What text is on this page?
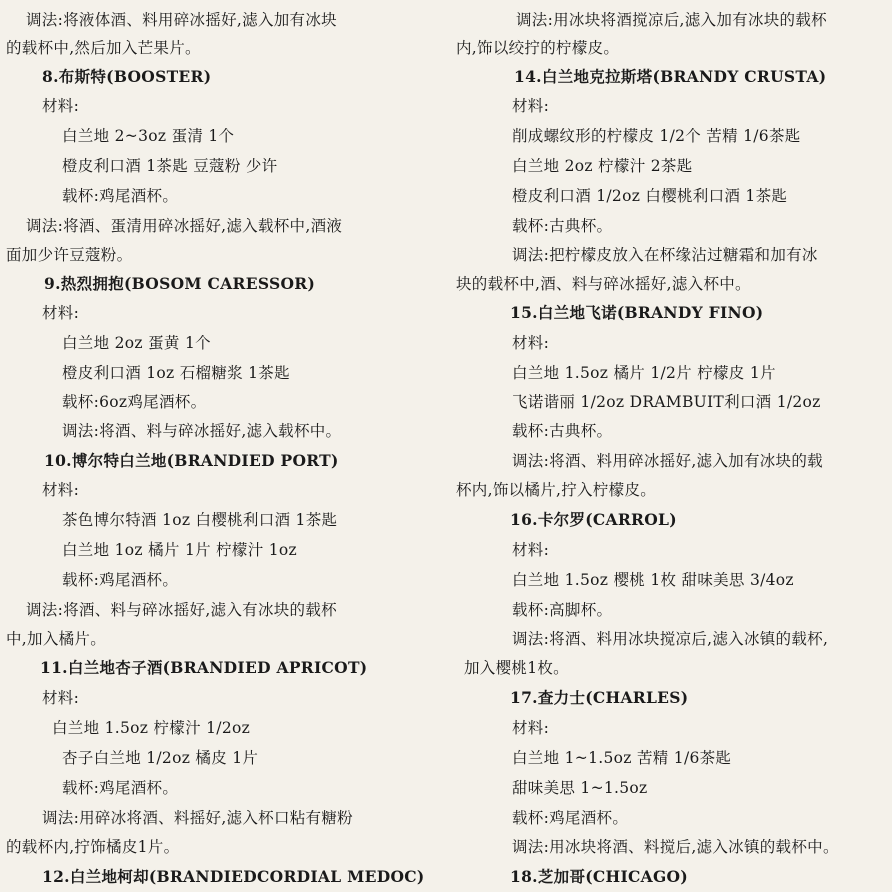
调法:将液体酒、料用碎冰摇好,滤入加有冰块
的载杯中,然后加入芒果片。
8.布斯特(BOOSTER)
材料:
白兰地 2~3oz 蛋清 1个
橙皮利口酒 1茶匙 豆蔻粉 少许
载杯:鸡尾酒杯。
调法:将酒、蛋清用碎冰摇好,滤入载杯中,酒液
面加少许豆蔻粉。
9.热烈拥抱(BOSOM CARESSOR)
材料:
白兰地 2oz 蛋黄 1个
橙皮利口酒 1oz 石榴糖浆 1茶匙
载杯:6oz鸡尾酒杯。
调法:将酒、料与碎冰摇好,滤入载杯中。
10.博尔特白兰地(BRANDIED PORT)
材料:
茶色博尔特酒 1oz 白樱桃利口酒 1茶匙
白兰地 1oz 橘片 1片 柠檬汁 1oz
载杯:鸡尾酒杯。
调法:将酒、料与碎冰摇好,滤入有冰块的载杯
中,加入橘片。
11.白兰地杏子酒(BRANDIED APRICOT)
材料:
白兰地 1.5oz 柠檬汁 1/2oz
杏子白兰地 1/2oz 橘皮 1片
载杯:鸡尾酒杯。
调法:用碎冰将酒、料摇好,滤入杯口粘有糖粉
的载杯内,拧饰橘皮1片。
12.白兰地柯却(BRANDIEDCORDIAL MEDOC)
调法:用冰块将酒搅凉后,滤入加有冰块的载杯
内,饰以绞拧的柠檬皮。
14.白兰地克拉斯塔(BRANDY CRUSTA)
材料:
削成螺纹形的柠檬皮 1/2个 苦精 1/6茶匙
白兰地 2oz 柠檬汁 2茶匙
橙皮利口酒 1/2oz 白樱桃利口酒 1茶匙
载杯:古典杯。
调法:把柠檬皮放入在杯缘沾过糖霜和加有冰
块的载杯中,酒、料与碎冰摇好,滤入杯中。
15.白兰地飞诺(BRANDY FINO)
材料:
白兰地 1.5oz 橘片 1/2片 柠檬皮 1片
飞诺谐丽 1/2oz DRAMBUIT利口酒 1/2oz
载杯:古典杯。
调法:将酒、料用碎冰摇好,滤入加有冰块的载
杯内,饰以橘片,拧入柠檬皮。
16.卡尔罗(CARROL)
材料:
白兰地 1.5oz 樱桃 1枚 甜味美思 3/4oz
载杯:高脚杯。
调法:将酒、料用冰块搅凉后,滤入冰镇的载杯,
加入樱桃1枚。
17.查力士(CHARLES)
材料:
白兰地 1~1.5oz 苦精 1/6茶匙
甜味美思 1~1.5oz
载杯:鸡尾酒杯。
调法:用冰块将酒、料搅后,滤入冰镇的载杯中。
18.芝加哥(CHICAGO)
